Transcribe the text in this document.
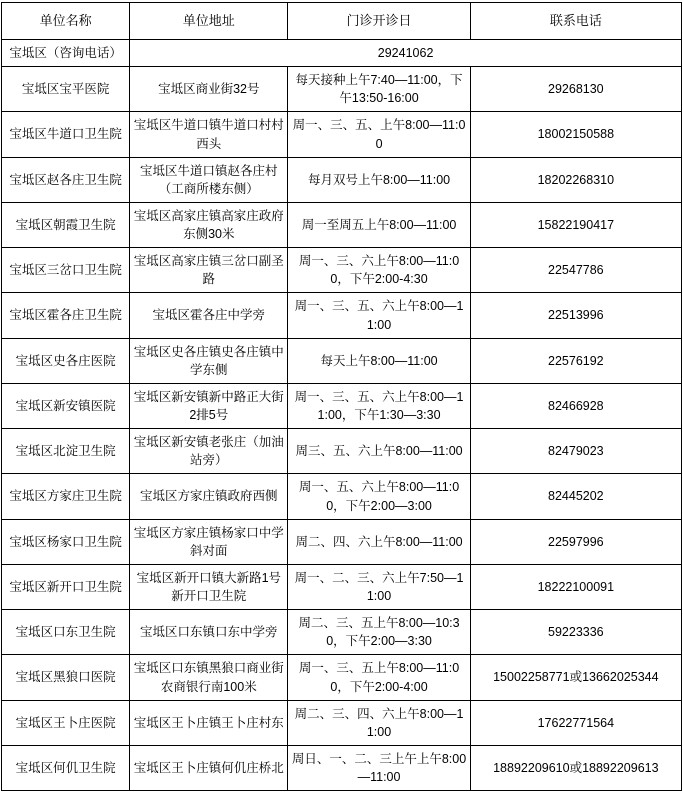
单位名称	单位地址	门诊开诊日	联系电话
宝坻区（咨询电话）	29241062		
宝坻区宝平医院	宝坻区商业街32号	每天接种上午7:40—11:00，下午13:50-16:00	29268130
宝坻区牛道口卫生院	宝坻区牛道口镇牛道口村村西头	周一、三、五、上午8:00—11:00	18002150588
宝坻区赵各庄卫生院	宝坻区牛道口镇赵各庄村（工商所楼东侧）	每月双号上午8:00—11:00	18202268310
宝坻区朝霞卫生院	宝坻区高家庄镇高家庄政府东侧30米	周一至周五上午8:00—11:00	15822190417
宝坻区三岔口卫生院	宝坻区高家庄镇三岔口副圣路	周一、三、六上午8:00—11:00，下午2:00-4:30	22547786
宝坻区霍各庄卫生院	宝坻区霍各庄中学旁	周一、三、五、六上午8:00—11:00	22513996
宝坻区史各庄医院	宝坻区史各庄镇史各庄镇中学东侧	每天上午8:00—11:00	22576192
宝坻区新安镇医院	宝坻区新安镇新中路正大街2排5号	周一、三、五、六上午8:00—11:00，下午1:30—3:30	82466928
宝坻区北淀卫生院	宝坻区新安镇老张庄（加油站旁）	周三、五、六上午8:00—11:00	82479023
宝坻区方家庄卫生院	宝坻区方家庄镇政府西侧	周一、五、六上午8:00—11:00，下午2:00—3:00	82445202
宝坻区杨家口卫生院	宝坻区方家庄镇杨家口中学斜对面	周二、四、六上午8:00—11:00	22597996
宝坻区新开口卫生院	宝坻区新开口镇大新路1号新开口卫生院	周一、二、三、六上午7:50—11:00	18222100091
宝坻区口东卫生院	宝坻区口东镇口东中学旁	周二、三、五上午8:00—10:30，下午2:00—3:30	59223336
宝坻区黑狼口医院	宝坻区口东镇黑狼口商业街农商银行南100米	周一、三、五上午8:00—11:00，下午2:00-4:00	15002258771或13662025344
宝坻区王卜庄医院	宝坻区王卜庄镇王卜庄村东	周二、三、四、六上午8:00—11:00	17622771564
宝坻区何仉卫生院	宝坻区王卜庄镇何仉庄桥北	周日、一、二、三上午上午8:00—11:00	18892209610或18892209613
